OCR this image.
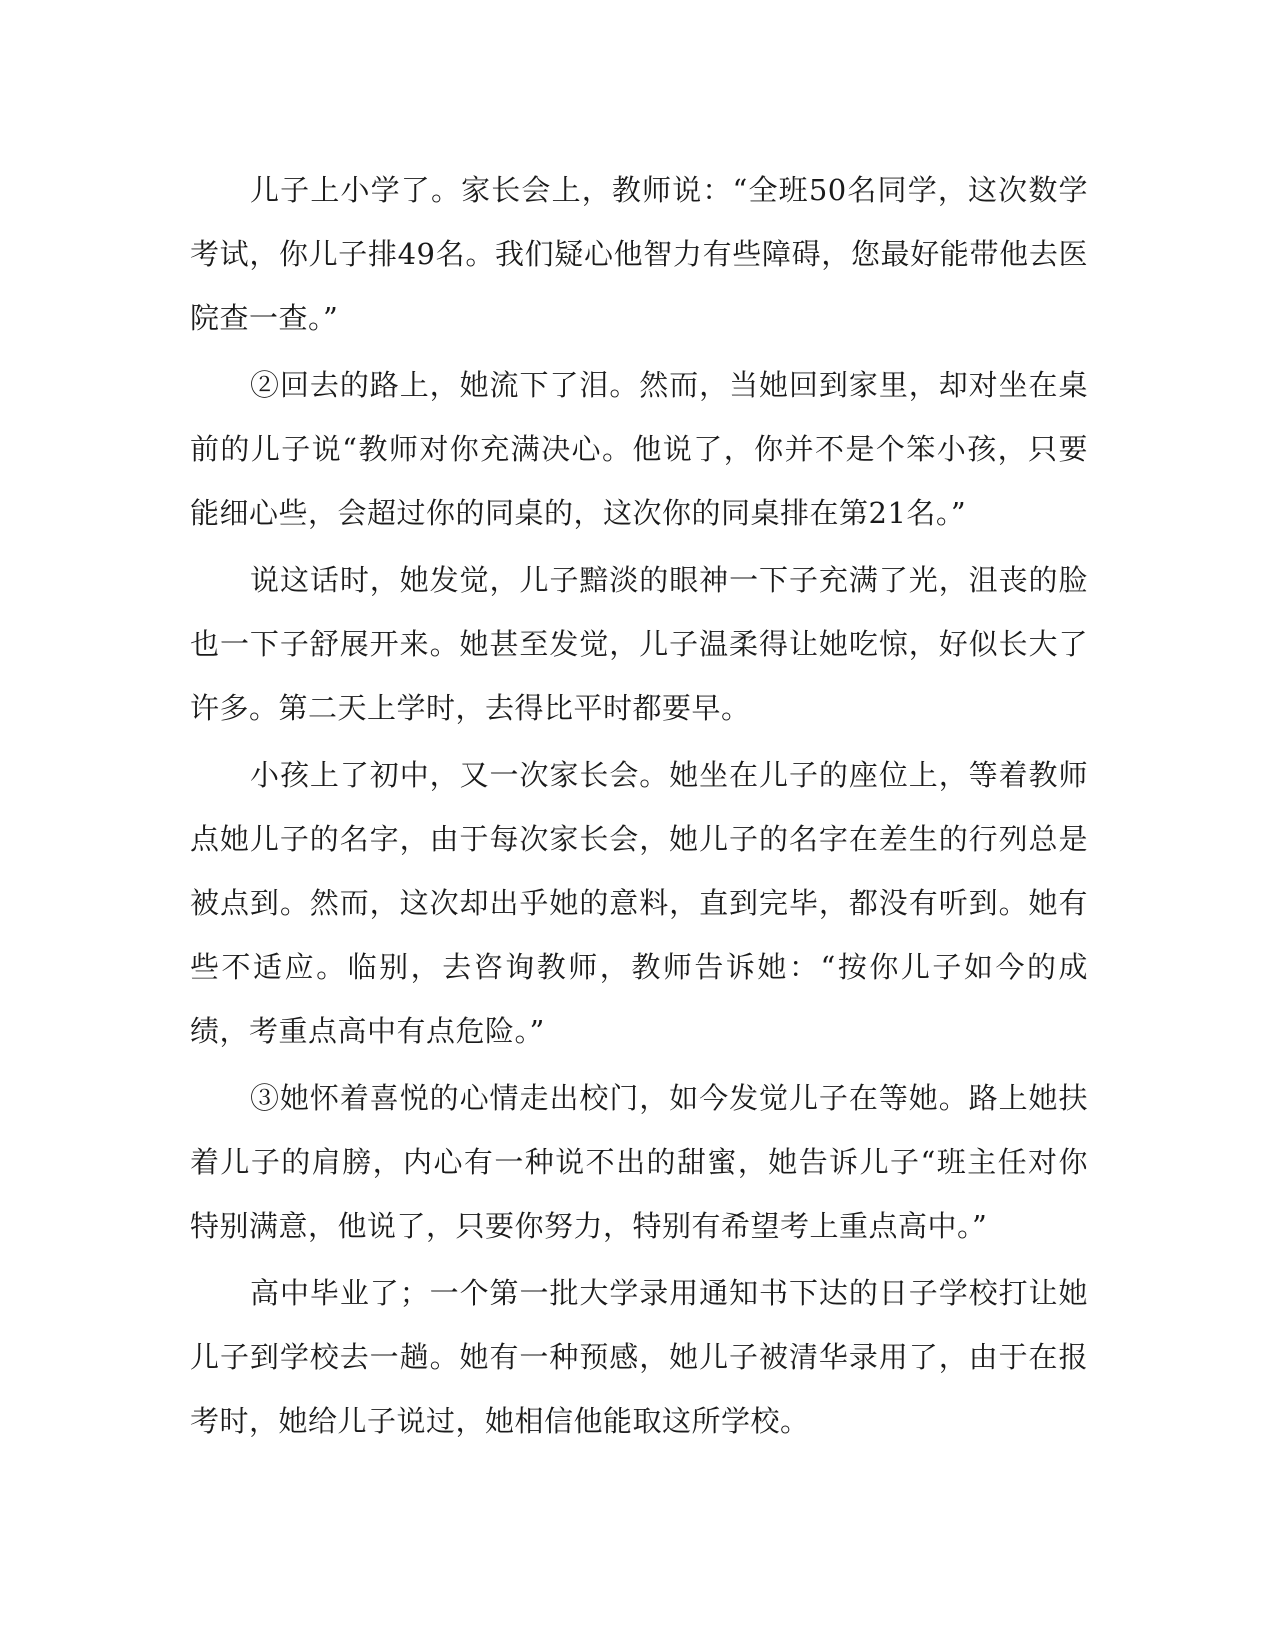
儿子上小学了。家长会上，教师说：“全班50名同学，这次数学考试，你儿子排49名。我们疑心他智力有些障碍，您最好能带他去医院查一查。”

②回去的路上，她流下了泪。然而，当她回到家里，却对坐在桌前的儿子说“教师对你充满决心。他说了，你并不是个笨小孩，只要能细心些，会超过你的同桌的，这次你的同桌排在第21名。”

说这话时，她发觉，儿子黯淡的眼神一下子充满了光，沮丧的脸也一下子舒展开来。她甚至发觉，儿子温柔得让她吃惊，好似长大了许多。第二天上学时，去得比平时都要早。

小孩上了初中，又一次家长会。她坐在儿子的座位上，等着教师点她儿子的名字，由于每次家长会，她儿子的名字在差生的行列总是被点到。然而，这次却出乎她的意料，直到完毕，都没有听到。她有些不适应。临别，去咨询教师，教师告诉她：“按你儿子如今的成绩，考重点高中有点危险。”

③她怀着喜悦的心情走出校门，如今发觉儿子在等她。路上她扶着儿子的肩膀，内心有一种说不出的甜蜜，她告诉儿子“班主任对你特别满意，他说了，只要你努力，特别有希望考上重点高中。”

高中毕业了；一个第一批大学录用通知书下达的日子学校打让她儿子到学校去一趟。她有一种预感，她儿子被清华录用了，由于在报考时，她给儿子说过，她相信他能取这所学校。
